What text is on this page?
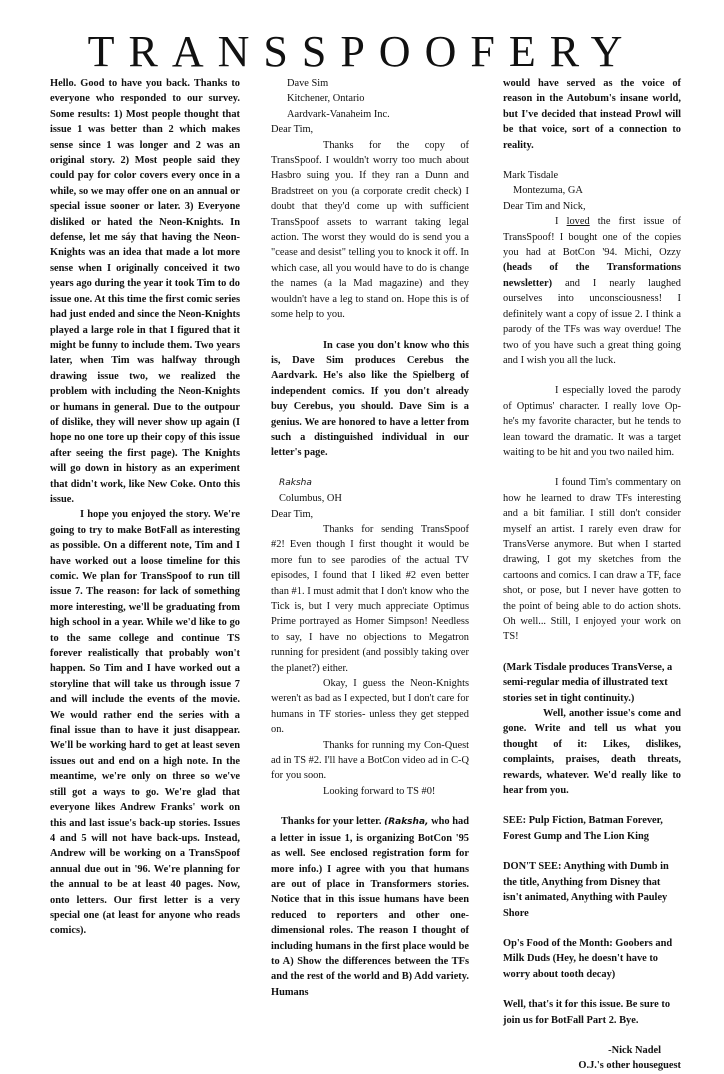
TRANSSPOOFERY

Hello. Good to have you back. Thanks to everyone who responded to our survey. Some results: 1) Most people thought that issue 1 was better than 2 which makes sense since 1 was longer and 2 was an original story. 2) Most people said they could pay for color covers every once in a while, so we may offer one on an annual or special issue sooner or later. 3) Everyone disliked or hated the Neon-Knights. In defense, let me sáy that having the Neon-Knights was an idea that made a lot more sense when I originally conceived it two years ago during the year it took Tim to do issue one. At this time the first comic series had just ended and since the Neon-Knights played a large role in that I figured that it might be funny to include them. Two years later, when Tim was halfway through drawing issue two, we realized the problem with including the Neon-Knights or humans in general. Due to the outpour of dislike, they will never show up again (I hope no one tore up their copy of this issue after seeing the first page). The Knights will go down in history as an experiment that didn't work, like New Coke. Onto this issue.

I hope you enjoyed the story. We're going to try to make BotFall as interesting as possible. On a different note, Tim and I have worked out a loose timeline for this comic. We plan for TransSpoof to run till issue 7. The reason: for lack of something more interesting, we'll be graduating from high school in a year. While we'd like to go to the same college and continue TS forever realistically that probably won't happen. So Tim and I have worked out a storyline that will take us through issue 7 and will include the events of the movie. We would rather end the series with a final issue than to have it just disappear. We'll be working hard to get at least seven issues out and end on a high note. In the meantime, we're only on three so we've still got a ways to go. We're glad that everyone likes Andrew Franks' work on this and last issue's back-up stories. Issues 4 and 5 will not have back-ups. Instead, Andrew will be working on a TransSpoof annual due out in '96. We're planning for the annual to be at least 40 pages. Now, onto letters. Our first letter is a very special one (at least for anyone who reads comics).

Dave Sim

Kitchener, Ontario

Aardvark-Vanaheim Inc.

Dear Tim,

Thanks for the copy of TransSpoof. I wouldn't worry too much about Hasbro suing you. If they ran a Dunn and Bradstreet on you (a corporate credit check) I doubt that they'd come up with sufficient TransSpoof assets to warrant taking legal action. The worst they would do is send you a "cease and desist" telling you to knock it off. In which case, all you would have to do is change the names (a la Mad magazine) and they wouldn't have a leg to stand on. Hope this is of some help to you.

In case you don't know who this is, Dave Sim produces Cerebus the Aardvark. He's also like the Spielberg of independent comics. If you don't already buy Cerebus, you should. Dave Sim is a genius. We are honored to have a letter from such a distinguished individual in our letter's page.

Raksha

Columbus, OH

Dear Tim,

Thanks for sending TransSpoof #2! Even though I first thought it would be more fun to see parodies of the actual TV episodes, I found that I liked #2 even better than #1. I must admit that I don't know who the Tick is, but I very much appreciate Optimus Prime portrayed as Homer Simpson! Needless to say, I have no objections to Megatron running for president (and possibly taking over the planet?) either.

Okay, I guess the Neon-Knights weren't as bad as I expected, but I don't care for humans in TF stories- unless they get stepped on.

Thanks for running my Con-Quest ad in TS #2. I'll have a BotCon video ad in C-Q for you soon.

Looking forward to TS #0!

Thanks for your letter. (Raksha, who had a letter in issue 1, is organizing BotCon '95 as well. See enclosed registration form for more info.) I agree with you that humans are out of place in Transformers stories. Notice that in this issue humans have been reduced to reporters and other one-dimensional roles. The reason I thought of including humans in the first place would be to A) Show the differences between the TFs and the rest of the world and B) Add variety. Humans

would have served as the voice of reason in the Autobum's insane world, but I've decided that instead Prowl will be that voice, sort of a connection to reality.

Mark Tisdale

Montezuma, GA

Dear Tim and Nick,

I loved the first issue of TransSpoof! I bought one of the copies you had at BotCon '94. Michi, Ozzy (heads of the Transformations newsletter) and I nearly laughed ourselves into unconsciousness! I definitely want a copy of issue 2. I think a parody of the TFs was way overdue! The two of you have such a great thing going and I wish you all the luck.

I especially loved the parody of Optimus' character. I really love Op-he's my favorite character, but he tends to lean toward the dramatic. It was a target waiting to be hit and you two nailed him.

I found Tim's commentary on how he learned to draw TFs interesting and a bit familiar. I still don't consider myself an artist. I rarely even draw for TransVerse anymore. But when I started drawing, I got my sketches from the cartoons and comics. I can draw a TF, face shot, or pose, but I never have gotten to the point of being able to do action shots. Oh well... Still, I enjoyed your work on TS!

(Mark Tisdale produces TransVerse, a semi-regular media of illustrated text stories set in tight continuity.)

Well, another issue's come and gone. Write and tell us what you thought of it: Likes, dislikes, complaints, praises, death threats, rewards, whatever. We'd really like to hear from you.

SEE: Pulp Fiction, Batman Forever, Forest Gump and The Lion King

DON'T SEE: Anything with Dumb in the title, Anything from Disney that isn't animated, Anything with Pauley Shore

Op's Food of the Month: Goobers and Milk Duds (Hey, he doesn't have to worry about tooth decay)

Well, that's it for this issue. Be sure to join us for BotFall Part 2. Bye.

-Nick Nadel
O.J.'s other houseguest
